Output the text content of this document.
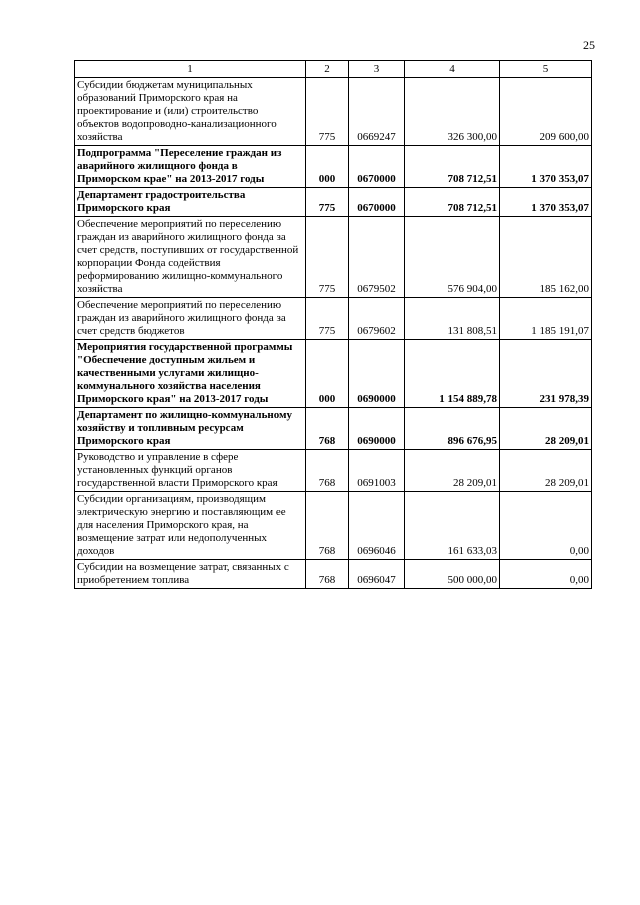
25
1	2	3	4	5
Субсидии бюджетам муниципальных образований Приморского края на проектирование и (или) строительство объектов водопроводно-канализационного хозяйства	775	0669247	326 300,00	209 600,00
Подпрограмма "Переселение граждан из аварийного жилищного фонда в Приморском крае" на 2013-2017 годы	000	0670000	708 712,51	1 370 353,07
Департамент градостроительства Приморского края	775	0670000	708 712,51	1 370 353,07
Обеспечение мероприятий по переселению граждан из аварийного жилищного фонда за счет средств, поступивших от государственной корпорации Фонда содействия реформированию жилищно-коммунального хозяйства	775	0679502	576 904,00	185 162,00
Обеспечение мероприятий по переселению граждан из аварийного жилищного фонда за счет средств бюджетов	775	0679602	131 808,51	1 185 191,07
Мероприятия государственной программы "Обеспечение доступным жильем и качественными услугами жилищно-коммунального хозяйства населения Приморского края" на 2013-2017 годы	000	0690000	1 154 889,78	231 978,39
Департамент по жилищно-коммунальному хозяйству и топливным ресурсам Приморского края	768	0690000	896 676,95	28 209,01
Руководство и управление в сфере установленных функций органов государственной власти Приморского края	768	0691003	28 209,01	28 209,01
Субсидии организациям, производящим электрическую энергию и поставляющим ее для населения Приморского края, на возмещение затрат или недополученных доходов	768	0696046	161 633,03	0,00
Субсидии на возмещение затрат, связанных с приобретением топлива	768	0696047	500 000,00	0,00
